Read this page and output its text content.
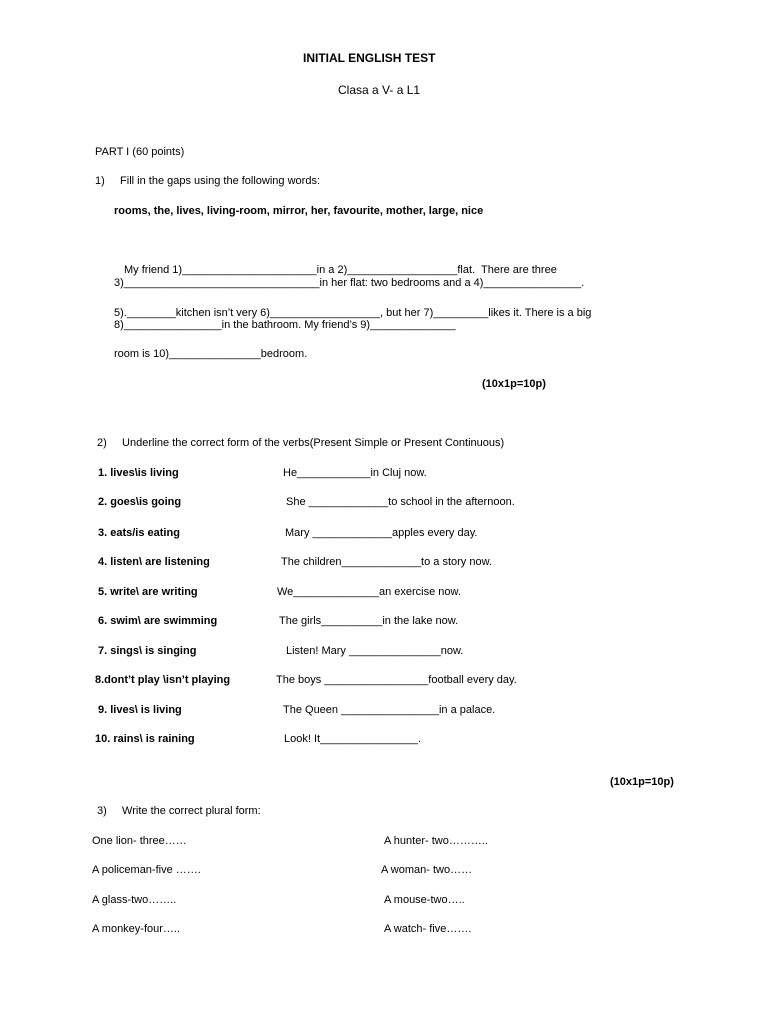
INITIAL ENGLISH TEST
Clasa a V- a L1
PART I (60 points)
1)     Fill in the gaps using the following words:
rooms, the, lives, living-room, mirror, her, favourite, mother, large, nice
My friend 1)______________________in a 2)__________________flat.  There are three
3)________________________________in her flat: two bedrooms and a 4)________________.
5).________kitchen isn’t very 6)__________________, but her 7)_________likes it. There is a big
8)________________in the bathroom. My friend’s 9)______________
room is 10)_______________bedroom.
(10x1p=10p)
2)     Underline the correct form of the verbs(Present Simple or Present Continuous)
1. lives\is living	He____________in Cluj now.
2. goes\is going	She _____________to school in the afternoon.
3. eats/is eating	Mary _____________apples every day.
4. listen\ are listening	The children_____________to a story now.
5. write\ are writing	We______________an exercise now.
6. swim\ are swimming	The girls__________in the lake now.
7. sings\ is singing	Listen! Mary _______________now.
8.dont’t play \isn’t playing	The boys _________________football every day.
9. lives\ is living	The Queen ________________in a palace.
10. rains\ is raining	Look! It________________.
(10x1p=10p)
3)     Write the correct plural form:
One lion- three……	A hunter- two………..
A policeman-five …….	A woman- two……
A glass-two……..	A mouse-two…..
A monkey-four…..	A watch- five…….
